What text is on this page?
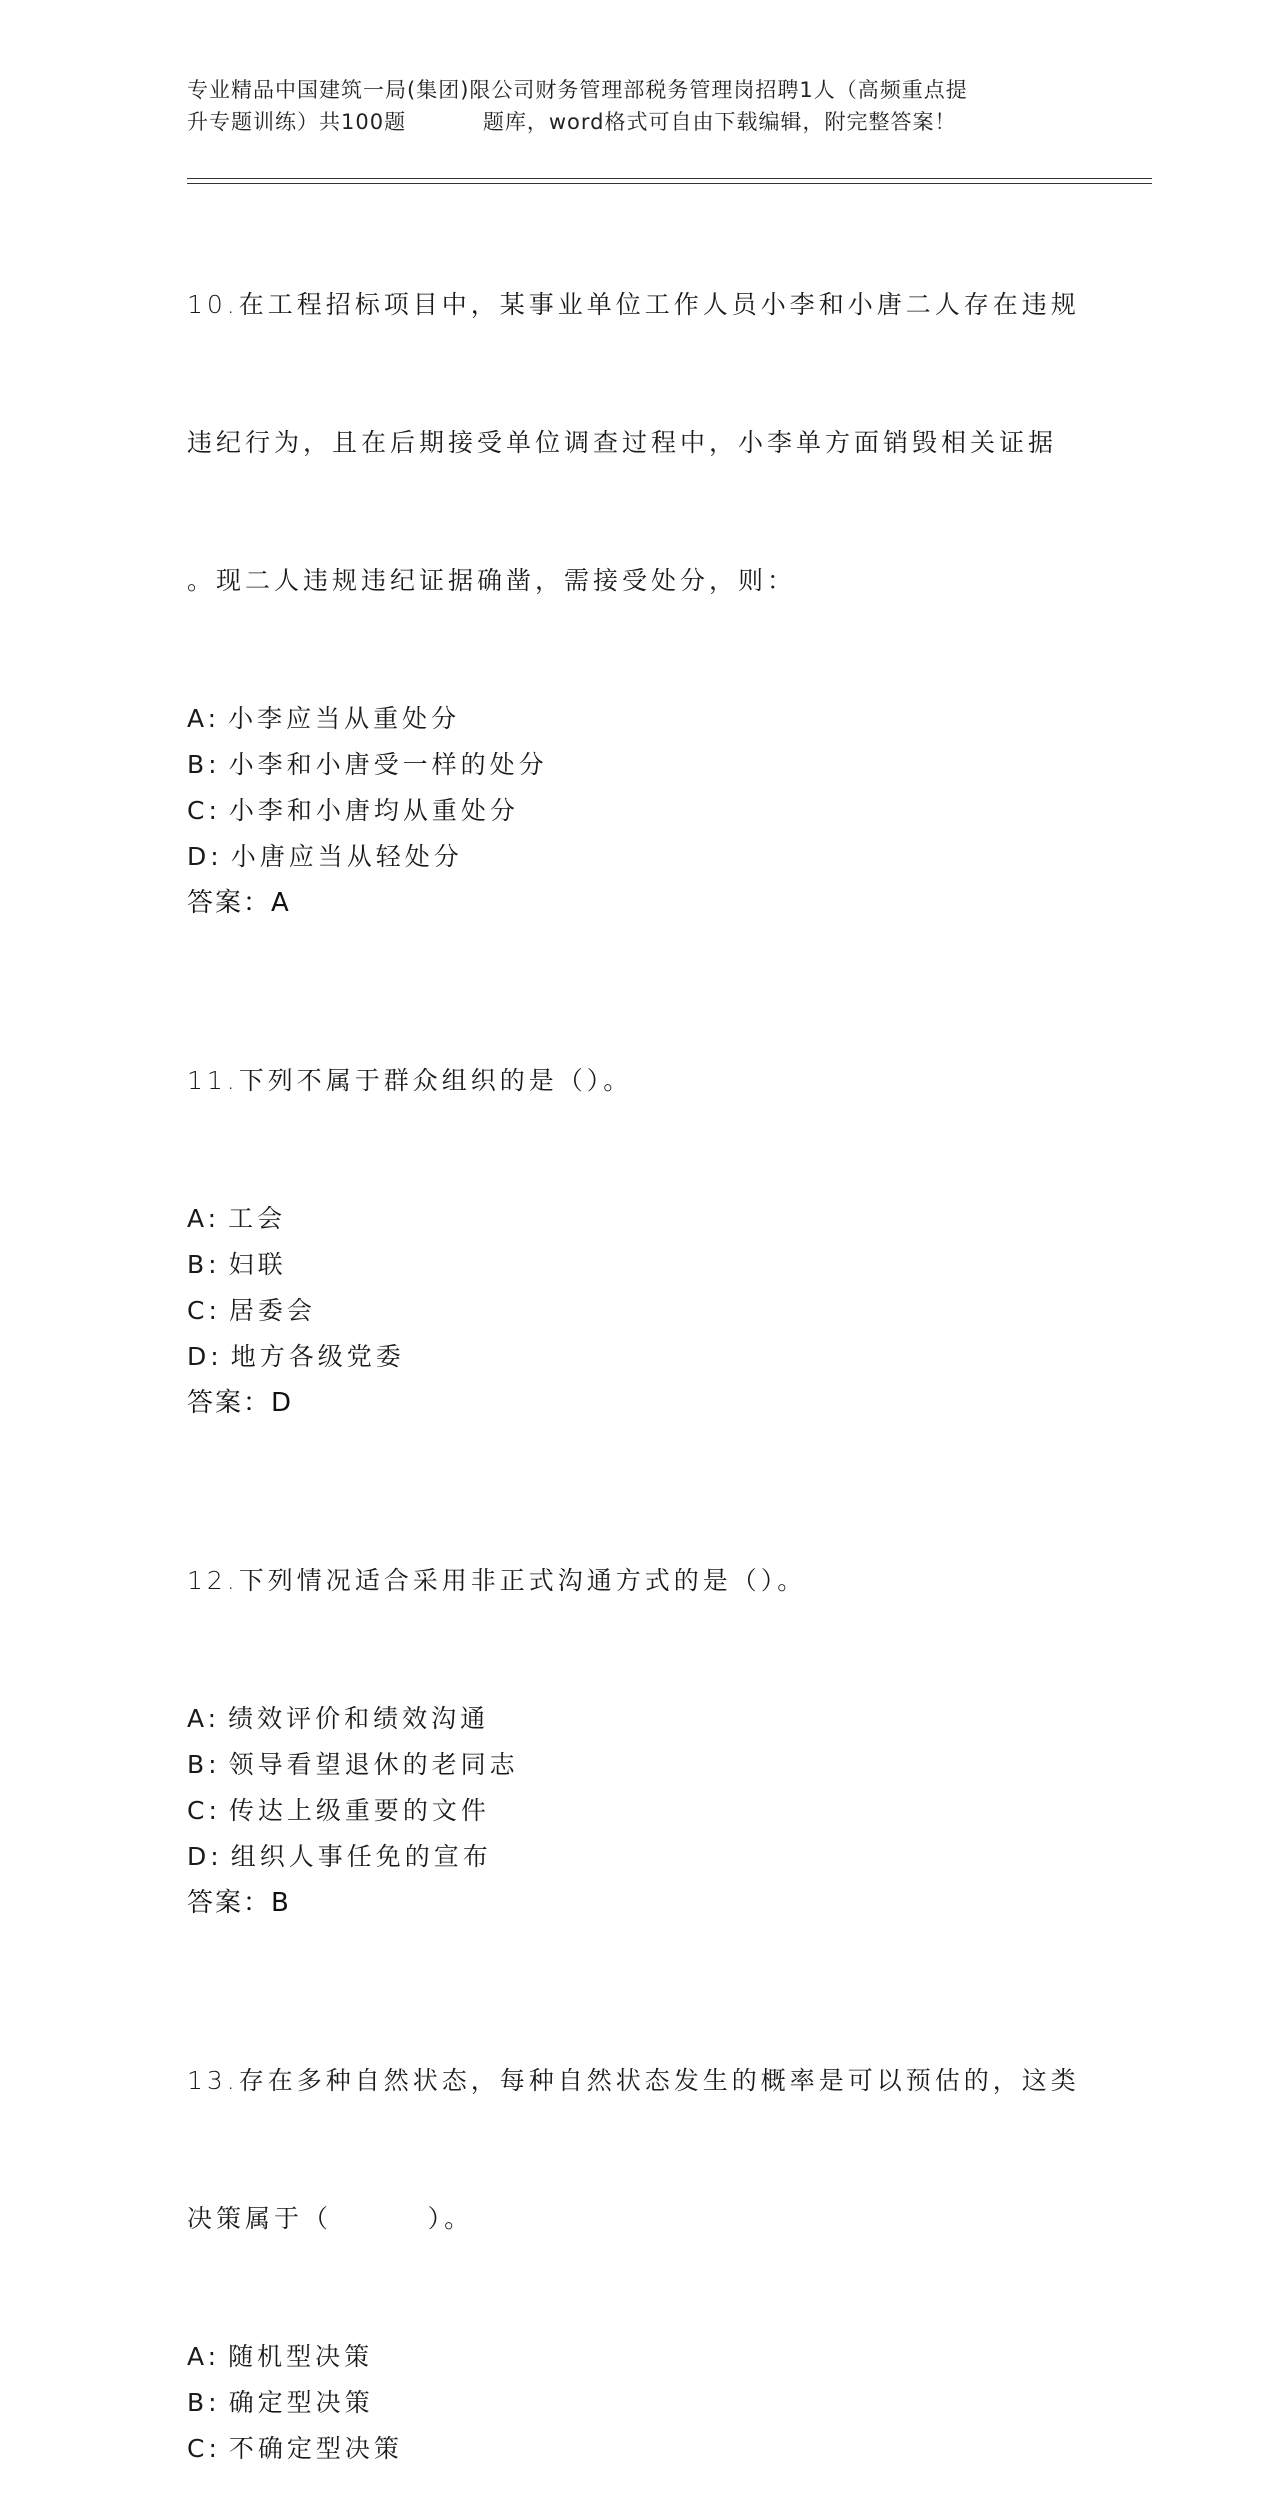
专业精品中国建筑一局(集团)限公司财务管理部税务管理岗招聘1人（高频重点提
升专题训练）共100题          题库，word格式可自由下载编辑，附完整答案！

10.在工程招标项目中，某事业单位工作人员小李和小唐二人存在违规

违纪行为，且在后期接受单位调查过程中，小李单方面销毁相关证据

。现二人违规违纪证据确凿，需接受处分，则：

A: 小李应当从重处分
B: 小李和小唐受一样的处分
C: 小李和小唐均从重处分
D: 小唐应当从轻处分
答案：A

11.下列不属于群众组织的是（）。

A: 工会
B: 妇联
C: 居委会
D: 地方各级党委
答案：D

12.下列情况适合采用非正式沟通方式的是（）。

A: 绩效评价和绩效沟通
B: 领导看望退休的老同志
C: 传达上级重要的文件
D: 组织人事任免的宣布
答案：B

13.存在多种自然状态，每种自然状态发生的概率是可以预估的，这类

决策属于（        ）。

A: 随机型决策
B: 确定型决策
C: 不确定型决策
